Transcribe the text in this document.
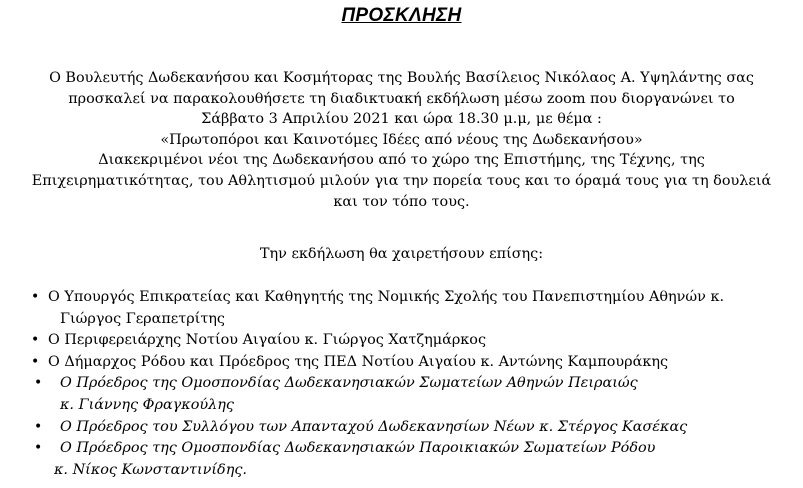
ΠΡΟΣΚΛΗΣΗ
Ο Βουλευτής Δωδεκανήσου και Κοσμήτορας της Βουλής Βασίλειος Νικόλαος Α. Υψηλάντης σας
προσκαλεί να παρακολουθήσετε τη διαδικτυακή εκδήλωση μέσω zoom που διοργανώνει το
Σάββατο 3 Απριλίου 2021 και ώρα 18.30 μ.μ, με θέμα :
«Πρωτοπόροι και Καινοτόμες Ιδέες από νέους της Δωδεκανήσου»
Διακεκριμένοι νέοι της Δωδεκανήσου από το χώρο της Επιστήμης, της Τέχνης, της
Επιχειρηματικότητας, του Αθλητισμού μιλούν για την πορεία τους και το όραμά τους για τη δουλειά
και τον τόπο τους.
Την εκδήλωση θα χαιρετήσουν επίσης:
• Ο Υπουργός Επικρατείας και Καθηγητής της Νομικής Σχολής του Πανεπιστημίου Αθηνών κ.
Γιώργος Γεραπετρίτης
• Ο Περιφερειάρχης Νοτίου Αιγαίου κ. Γιώργος Χατζημάρκος
• Ο Δήμαρχος Ρόδου και Πρόεδρος της ΠΕΔ Νοτίου Αιγαίου κ. Αντώνης Καμπουράκης
•	Ο Πρόεδρος της Ομοσπονδίας Δωδεκανησιακών Σωματείων Αθηνών Πειραιώς
κ. Γιάννης Φραγκούλης
•	Ο Πρόεδρος του Συλλόγου των Απανταχού Δωδεκανησίων Νέων κ. Στέργος Κασέκας
•	Ο Πρόεδρος της Ομοσπονδίας Δωδεκανησιακών Παροικιακών Σωματείων Ρόδου
κ. Νίκος Κωνσταντινίδης.
